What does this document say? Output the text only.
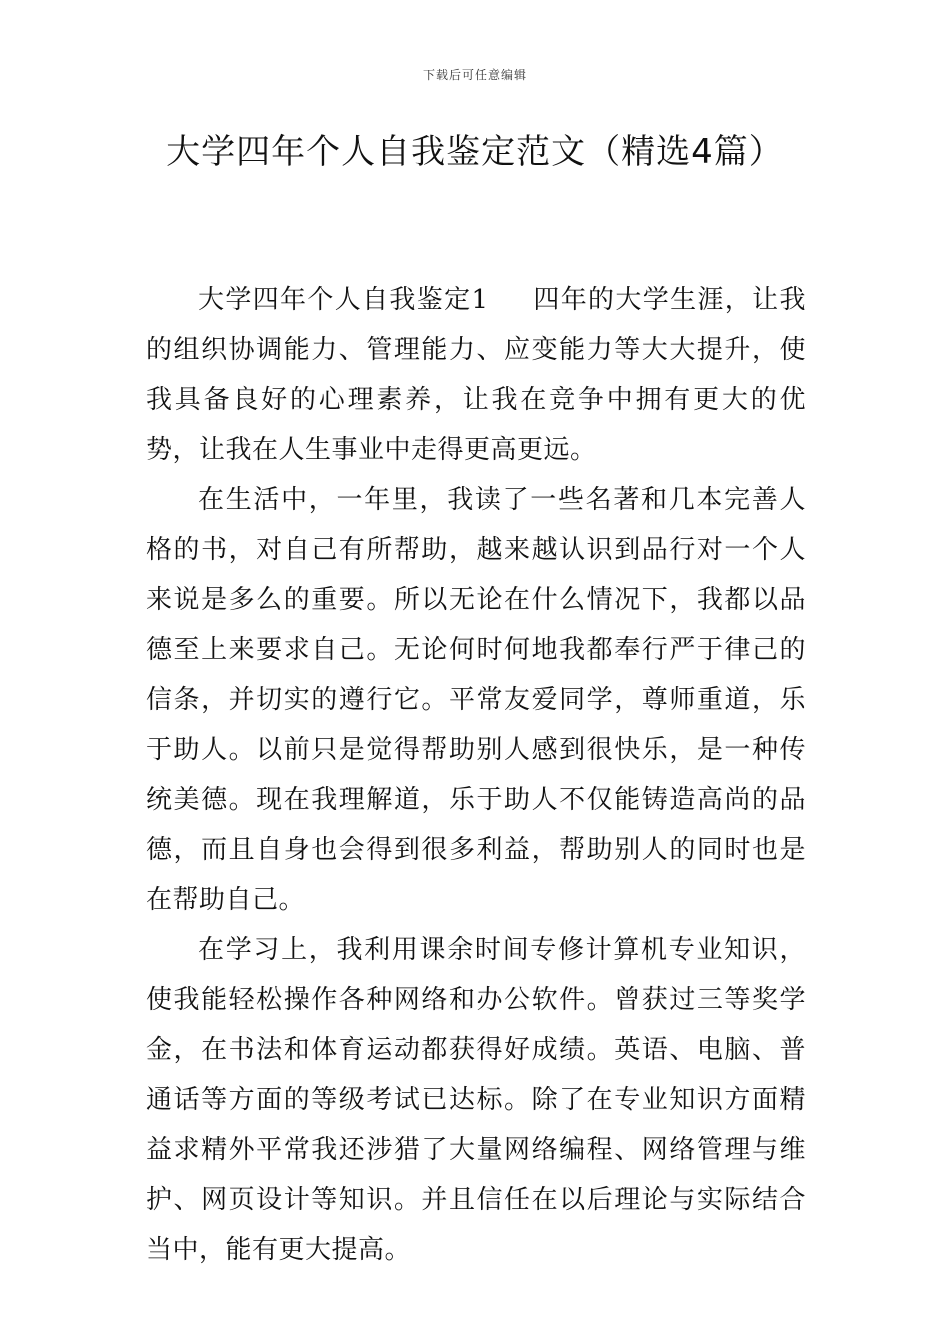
下载后可任意编辑
大学四年个人自我鉴定范文（精选4篇）

大学四年个人自我鉴定1 四年的大学生涯，让我的组织协调能力、管理能力、应变能力等大大提升，使我具备良好的心理素养，让我在竞争中拥有更大的优势，让我在人生事业中走得更高更远。

在生活中，一年里，我读了一些名著和几本完善人格的书，对自己有所帮助，越来越认识到品行对一个人来说是多么的重要。所以无论在什么情况下，我都以品德至上来要求自己。无论何时何地我都奉行严于律己的信条，并切实的遵行它。平常友爱同学，尊师重道，乐于助人。以前只是觉得帮助别人感到很快乐，是一种传统美德。现在我理解道，乐于助人不仅能铸造高尚的品德，而且自身也会得到很多利益，帮助别人的同时也是在帮助自己。

在学习上，我利用课余时间专修计算机专业知识，使我能轻松操作各种网络和办公软件。曾获过三等奖学金，在书法和体育运动都获得好成绩。英语、电脑、普通话等方面的等级考试已达标。除了在专业知识方面精益求精外平常我还涉猎了大量网络编程、网络管理与维护、网页设计等知识。并且信任在以后理论与实际结合当中，能有更大提高。
